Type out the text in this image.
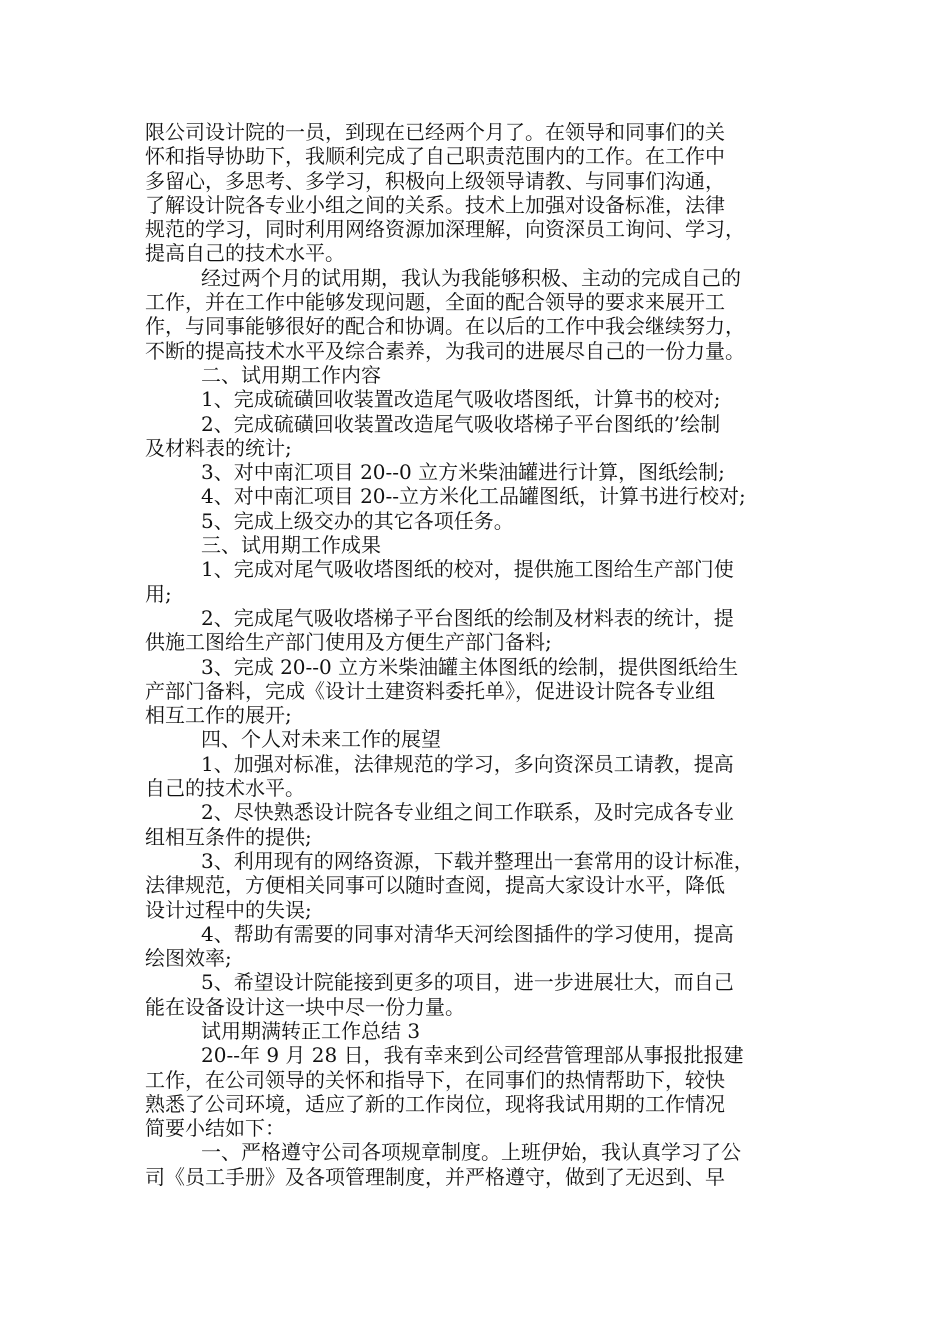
限公司设计院的一员，到现在已经两个月了。在领导和同事们的关
怀和指导协助下，我顺利完成了自己职责范围内的工作。在工作中
多留心，多思考、多学习，积极向上级领导请教、与同事们沟通，
了解设计院各专业小组之间的关系。技术上加强对设备标准，法律
规范的学习，同时利用网络资源加深理解，向资深员工询问、学习，
提高自己的技术水平。

经过两个月的试用期，我认为我能够积极、主动的完成自己的
工作，并在工作中能够发现问题，全面的配合领导的要求来展开工
作，与同事能够很好的配合和协调。在以后的工作中我会继续努力，
不断的提高技术水平及综合素养，为我司的进展尽自己的一份力量。

二、试用期工作内容

1、完成硫磺回收装置改造尾气吸收塔图纸，计算书的校对;

2、完成硫磺回收装置改造尾气吸收塔梯子平台图纸的’绘制
及材料表的统计;

3、对中南汇项目 20--0 立方米柴油罐进行计算，图纸绘制;

4、对中南汇项目 20--立方米化工品罐图纸，计算书进行校对;

5、完成上级交办的其它各项任务。

三、试用期工作成果

1、完成对尾气吸收塔图纸的校对，提供施工图给生产部门使
用;

2、完成尾气吸收塔梯子平台图纸的绘制及材料表的统计，提
供施工图给生产部门使用及方便生产部门备料;

3、完成 20--0 立方米柴油罐主体图纸的绘制，提供图纸给生
产部门备料，完成《设计土建资料委托单》，促进设计院各专业组
相互工作的展开;

四、个人对未来工作的展望

1、加强对标准，法律规范的学习，多向资深员工请教，提高
自己的技术水平。

2、尽快熟悉设计院各专业组之间工作联系，及时完成各专业
组相互条件的提供;

3、利用现有的网络资源，下载并整理出一套常用的设计标准，
法律规范，方便相关同事可以随时查阅，提高大家设计水平，降低
设计过程中的失误;

4、帮助有需要的同事对清华天河绘图插件的学习使用，提高
绘图效率;

5、希望设计院能接到更多的项目，进一步进展壮大，而自己
能在设备设计这一块中尽一份力量。

试用期满转正工作总结 3

20--年 9 月 28 日，我有幸来到公司经营管理部从事报批报建
工作，在公司领导的关怀和指导下，在同事们的热情帮助下，较快
熟悉了公司环境，适应了新的工作岗位，现将我试用期的工作情况
简要小结如下：

一、严格遵守公司各项规章制度。上班伊始，我认真学习了公
司《员工手册》及各项管理制度，并严格遵守，做到了无迟到、早
